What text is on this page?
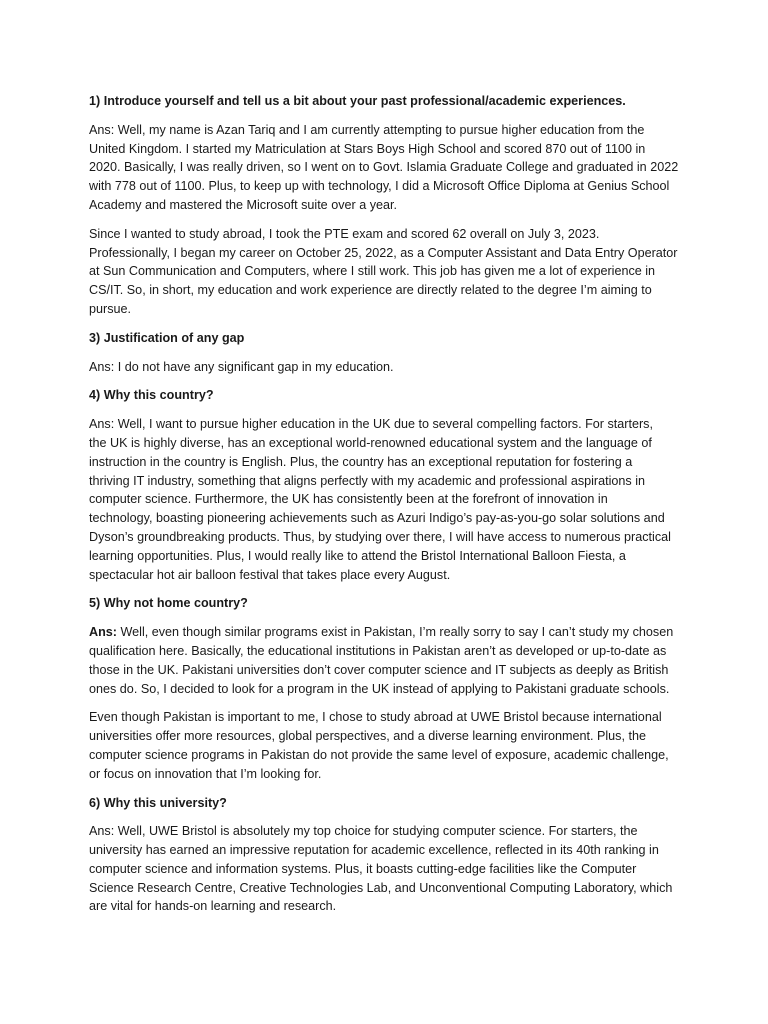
1) Introduce yourself and tell us a bit about your past professional/academic experiences.
Ans: Well, my name is Azan Tariq and I am currently attempting to pursue higher education from the
United Kingdom. I started my Matriculation at Stars Boys High School and scored 870 out of 1100 in
2020. Basically, I was really driven, so I went on to Govt. Islamia Graduate College and graduated in 2022
with 778 out of 1100. Plus, to keep up with technology, I did a Microsoft Office Diploma at Genius School
Academy and mastered the Microsoft suite over a year.
Since I wanted to study abroad, I took the PTE exam and scored 62 overall on July 3, 2023.
Professionally, I began my career on October 25, 2022, as a Computer Assistant and Data Entry Operator
at Sun Communication and Computers, where I still work. This job has given me a lot of experience in
CS/IT. So, in short, my education and work experience are directly related to the degree I’m aiming to
pursue.
3) Justification of any gap
Ans: I do not have any significant gap in my education.
4) Why this country?
Ans: Well, I want to pursue higher education in the UK due to several compelling factors. For starters,
the UK is highly diverse, has an exceptional world-renowned educational system and the language of
instruction in the country is English. Plus, the country has an exceptional reputation for fostering a
thriving IT industry, something that aligns perfectly with my academic and professional aspirations in
computer science. Furthermore, the UK has consistently been at the forefront of innovation in
technology, boasting pioneering achievements such as Azuri Indigo’s pay-as-you-go solar solutions and
Dyson’s groundbreaking products. Thus, by studying over there, I will have access to numerous practical
learning opportunities. Plus, I would really like to attend the Bristol International Balloon Fiesta, a
spectacular hot air balloon festival that takes place every August.
5) Why not home country?
Ans: Well, even though similar programs exist in Pakistan, I’m really sorry to say I can’t study my chosen
qualification here. Basically, the educational institutions in Pakistan aren’t as developed or up-to-date as
those in the UK. Pakistani universities don’t cover computer science and IT subjects as deeply as British
ones do. So, I decided to look for a program in the UK instead of applying to Pakistani graduate schools.
Even though Pakistan is important to me, I chose to study abroad at UWE Bristol because international
universities offer more resources, global perspectives, and a diverse learning environment. Plus, the
computer science programs in Pakistan do not provide the same level of exposure, academic challenge,
or focus on innovation that I’m looking for.
6) Why this university?
Ans: Well, UWE Bristol is absolutely my top choice for studying computer science. For starters, the
university has earned an impressive reputation for academic excellence, reflected in its 40th ranking in
computer science and information systems. Plus, it boasts cutting-edge facilities like the Computer
Science Research Centre, Creative Technologies Lab, and Unconventional Computing Laboratory, which
are vital for hands-on learning and research.
